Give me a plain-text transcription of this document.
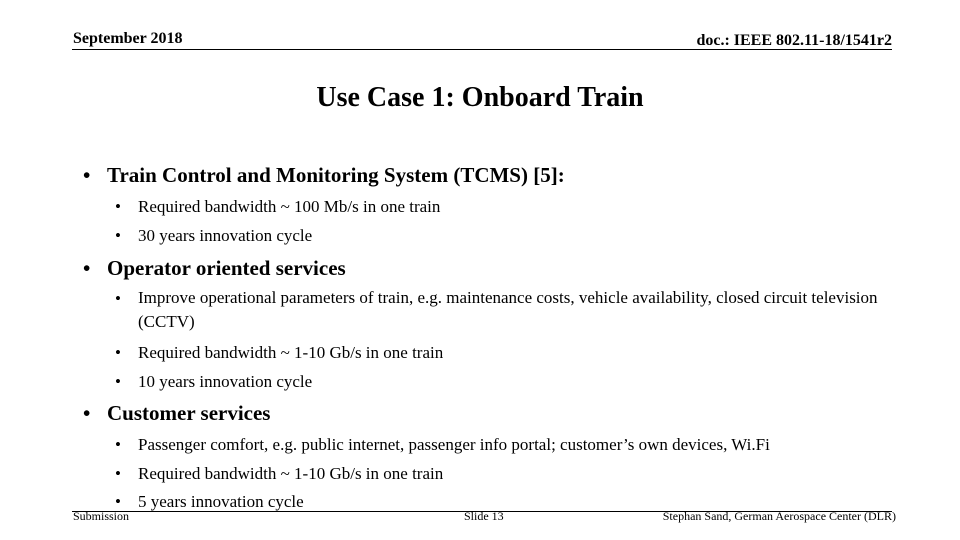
September 2018	doc.: IEEE 802.11-18/1541r2
Use Case 1: Onboard Train
• Train Control and Monitoring System (TCMS) [5]:
• Required bandwidth ~ 100 Mb/s in one train
• 30 years innovation cycle
• Operator oriented services
• Improve operational parameters of train, e.g. maintenance costs, vehicle availability, closed circuit television (CCTV)
• Required bandwidth ~ 1-10 Gb/s in one train
• 10 years innovation cycle
• Customer services
• Passenger comfort, e.g. public internet, passenger info portal; customer’s own devices, Wi.Fi
• Required bandwidth ~ 1-10 Gb/s in one train
• 5 years innovation cycle
Submission	Slide 13	Stephan Sand, German Aerospace Center (DLR)
